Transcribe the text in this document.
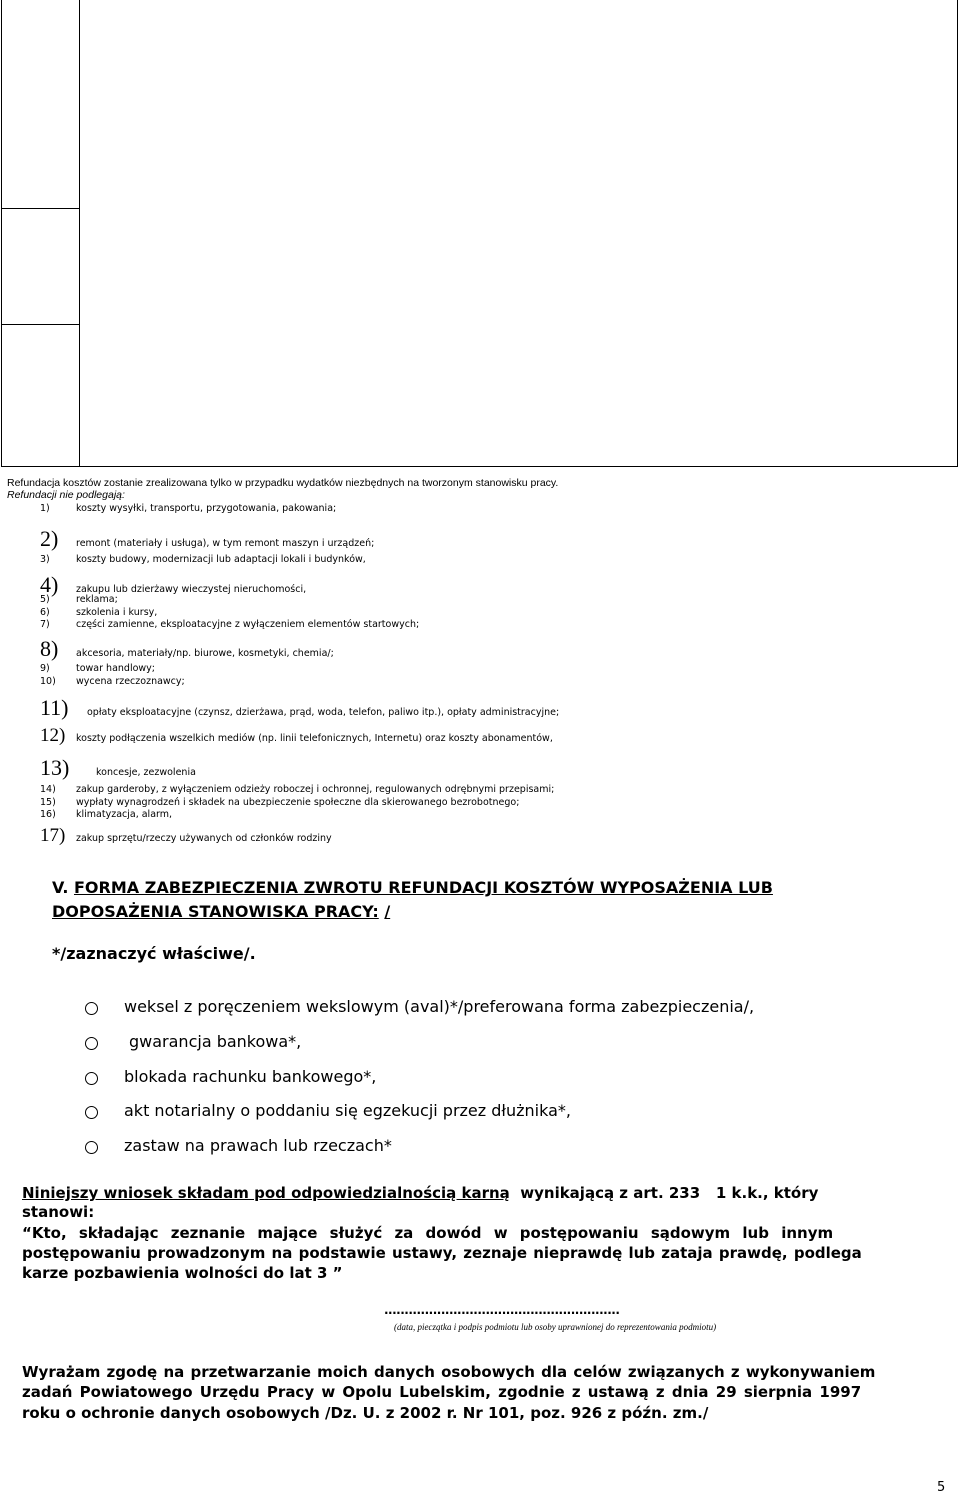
Refundacja kosztów zostanie zrealizowana tylko w przypadku wydatków niezbędnych na tworzonym stanowisku pracy.
Refundacji nie podlegają:
1)	koszty wysyłki, transportu, przygotowania, pakowania;
2) remont (materiały i usługa), w tym remont maszyn i urządzeń;
3)	koszty budowy, modernizacji lub adaptacji lokali i budynków,
4) zakupu lub dzierżawy wieczystej nieruchomości,
5)	reklama;
6)	szkolenia i kursy,
7)	części zamienne, eksploatacyjne z wyłączeniem elementów startowych;
8) akcesoria, materiały/np. biurowe, kosmetyki, chemia/;
9)	towar handlowy;
10) wycena rzeczoznawcy;
11) opłaty eksploatacyjne (czynsz, dzierżawa, prąd, woda, telefon, paliwo itp.), opłaty administracyjne;
12) koszty podłączenia wszelkich mediów (np. linii telefonicznych, Internetu) oraz koszty abonamentów,
13)	koncesje, zezwolenia
14) zakup garderoby, z wyłączeniem odzieży roboczej i ochronnej, regulowanych odrębnymi przepisami;
15) wypłaty wynagrodzeń i składek na ubezpieczenie społeczne dla skierowanego bezrobotnego;
16) klimatyzacja, alarm,
17) zakup sprzętu/rzeczy używanych od członków rodziny
V. FORMA ZABEZPIECZENIA ZWROTU REFUNDACJI KOSZTÓW WYPOSAŻENIA LUB
DOPOSAŻENIA STANOWISKA PRACY: /
*/zaznaczyć właściwe/.
weksel z poręczeniem wekslowym (aval)*/preferowana forma zabezpieczenia/,
gwarancja bankowa*,
blokada rachunku bankowego*,
akt notarialny o poddaniu się egzekucji przez dłużnika*,
zastaw na prawach lub rzeczach*
Niniejszy wniosek składam pod odpowiedzialnością karną wynikającą z art. 233 1 k.k., który
stanowi:
“Kto, składając zeznanie mające służyć za dowód w postępowaniu sądowym lub innym
postępowaniu prowadzonym na podstawie ustawy, zeznaje nieprawdę lub zataja prawdę, podlega
karze pozbawienia wolności do lat 3 ”
..........................................................
(data, pieczątka i podpis podmiotu lub osoby uprawnionej do reprezentowania podmiotu)
Wyrażam zgodę na przetwarzanie moich danych osobowych dla celów związanych z wykonywaniem
zadań Powiatowego Urzędu Pracy w Opolu Lubelskim, zgodnie z ustawą z dnia 29 sierpnia 1997
roku o ochronie danych osobowych /Dz. U. z 2002 r. Nr 101, poz. 926 z późn. zm./
5
